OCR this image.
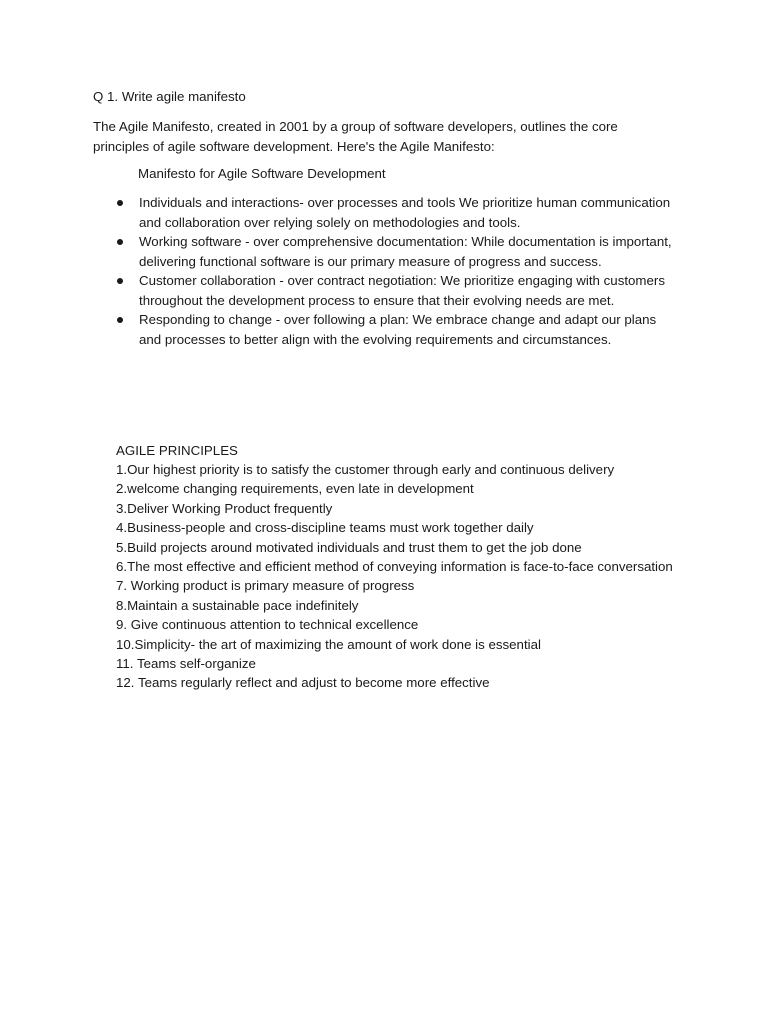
Q 1. Write agile manifesto
The Agile Manifesto, created in 2001 by a group of software developers, outlines the core principles of agile software development. Here's the Agile Manifesto:
Manifesto for Agile Software Development
Individuals and interactions- over processes and tools We prioritize human communication and collaboration over relying solely on methodologies and tools.
Working software - over comprehensive documentation: While documentation is important, delivering functional software is our primary measure of progress and success.
Customer collaboration - over contract negotiation: We prioritize engaging with customers throughout the development process to ensure that their evolving needs are met.
Responding to change - over following a plan: We embrace change and adapt our plans and processes to better align with the evolving requirements and circumstances.
AGILE PRINCIPLES
1.Our highest priority is to satisfy the customer through early and continuous delivery
2.welcome changing requirements, even late in development
3.Deliver Working Product frequently
4.Business-people and cross-discipline teams must work together daily
5.Build projects around motivated individuals and trust them to get the job done
6.The most effective and efficient method of conveying information is face-to-face conversation
7. Working product is primary measure of progress
8.Maintain a sustainable pace indefinitely
9. Give continuous attention to technical excellence
10.Simplicity- the art of maximizing the amount of work done is essential
11. Teams self-organize
12. Teams regularly reflect and adjust to become more effective
